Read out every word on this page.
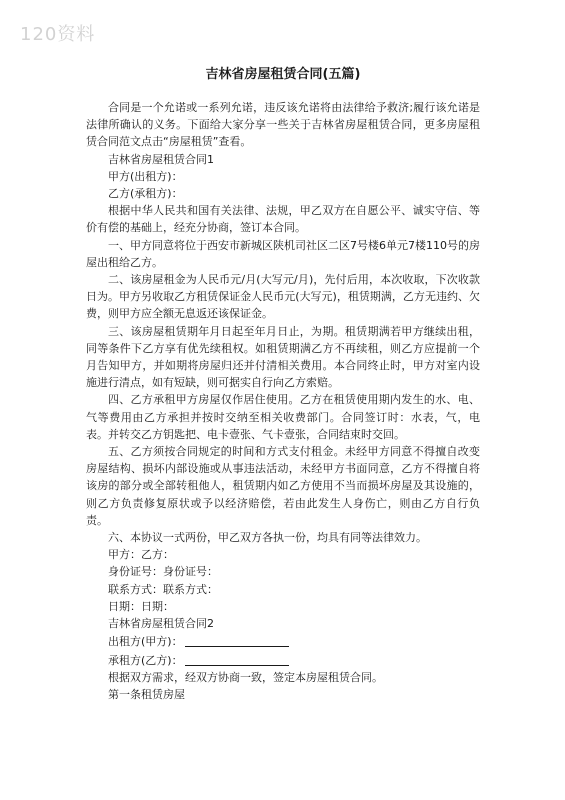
120资料
吉林省房屋租赁合同(五篇)

合同是一个允诺或一系列允诺，违反该允诺将由法律给予救济;履行该允诺是法律所确认的义务。下面给大家分享一些关于吉林省房屋租赁合同，更多房屋租赁合同范文点击“房屋租赁”查看。

吉林省房屋租赁合同1

甲方(出租方)：

乙方(承租方)：

根据中华人民共和国有关法律、法规，甲乙双方在自愿公平、诚实守信、等价有偿的基础上，经充分协商，签订本合同。

一、甲方同意将位于西安市新城区陕机司社区二区7号楼6单元7楼110号的房屋出租给乙方。

二、该房屋租金为人民币元/月(大写元/月)，先付后用，本次收取，下次收款日为。甲方另收取乙方租赁保证金人民币元(大写元)，租赁期满，乙方无违约、欠费，则甲方应全额无息返还该保证金。

三、该房屋租赁期年月日起至年月日止，为期。租赁期满若甲方继续出租，同等条件下乙方享有优先续租权。如租赁期满乙方不再续租，则乙方应提前一个月告知甲方，并如期将房屋归还并付清相关费用。本合同终止时，甲方对室内设施进行清点，如有短缺，则可据实自行向乙方索赔。

四、乙方承租甲方房屋仅作居住使用。乙方在租赁使用期内发生的水、电、气等费用由乙方承担并按时交纳至相关收费部门。合同签订时：水表，气，电表。并转交乙方钥匙把、电卡壹张、气卡壹张，合同结束时交回。

五、乙方须按合同规定的时间和方式支付租金。未经甲方同意不得擅自改变房屋结构、损坏内部设施或从事违法活动，未经甲方书面同意，乙方不得擅自将该房的部分或全部转租他人，租赁期内如乙方使用不当而损坏房屋及其设施的，则乙方负责修复原状或予以经济赔偿，若由此发生人身伤亡，则由乙方自行负责。

六、本协议一式两份，甲乙双方各执一份，均具有同等法律效力。

甲方：乙方：

身份证号：身份证号：

联系方式：联系方式：

日期：日期：

吉林省房屋租赁合同2

出租方(甲方)：

承租方(乙方)：

根据双方需求，经双方协商一致，签定本房屋租赁合同。

第一条租赁房屋
